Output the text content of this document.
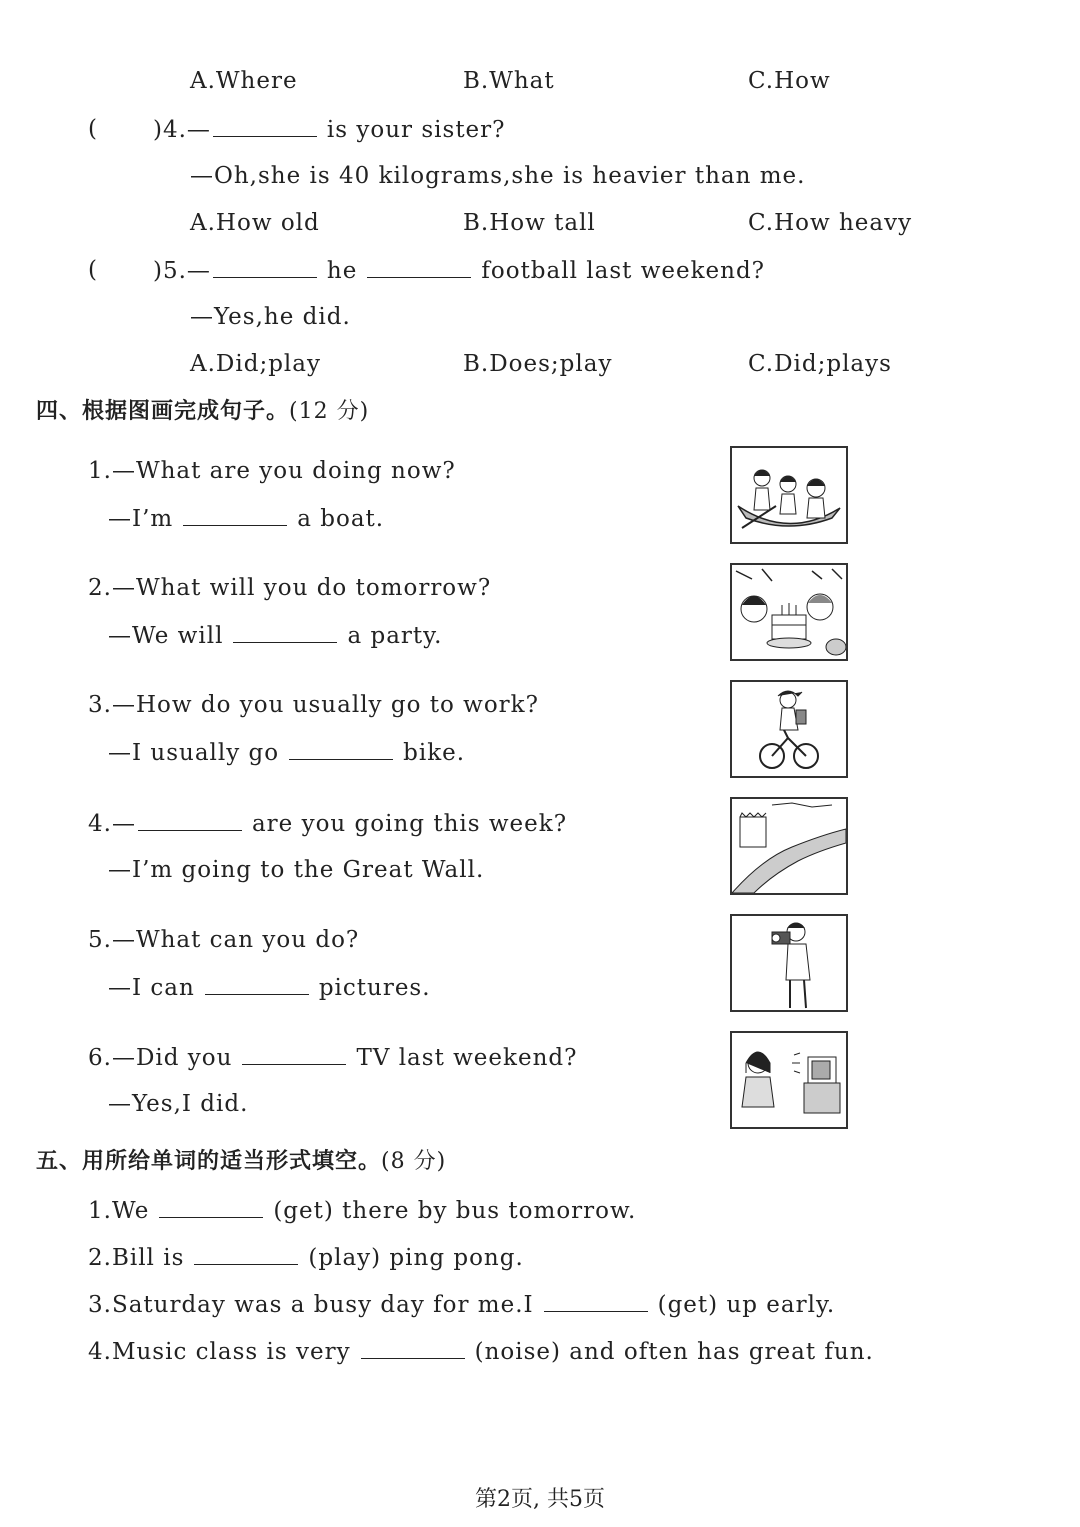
A.Where	B.What	C.How
( )4.—	is your sister?
—Oh,she is 40 kilograms,she is heavier than me.
A.How old	B.How tall	C.How heavy
( )5.—	he	football last weekend?
—Yes,he did.
A.Did;play	B.Does;play	C.Did;plays
四、根据图画完成句子。(12 分)
1.—What are you doing now?
—I’m	a boat.
2.—What will you do tomorrow?
—We will	a party.
3.—How do you usually go to work?
—I usually go	bike.
4.—	are you going this week?
—I’m going to the Great Wall.
5.—What can you do?
—I can	pictures.
6.—Did you	TV last weekend?
—Yes,I did.
五、用所给单词的适当形式填空。(8 分)
1.We	(get) there by bus tomorrow.
2.Bill is	(play) ping pong.
3.Saturday was a busy day for me.I	(get) up early.
4.Music class is very	(noise) and often has great fun.
第2页, 共5页
